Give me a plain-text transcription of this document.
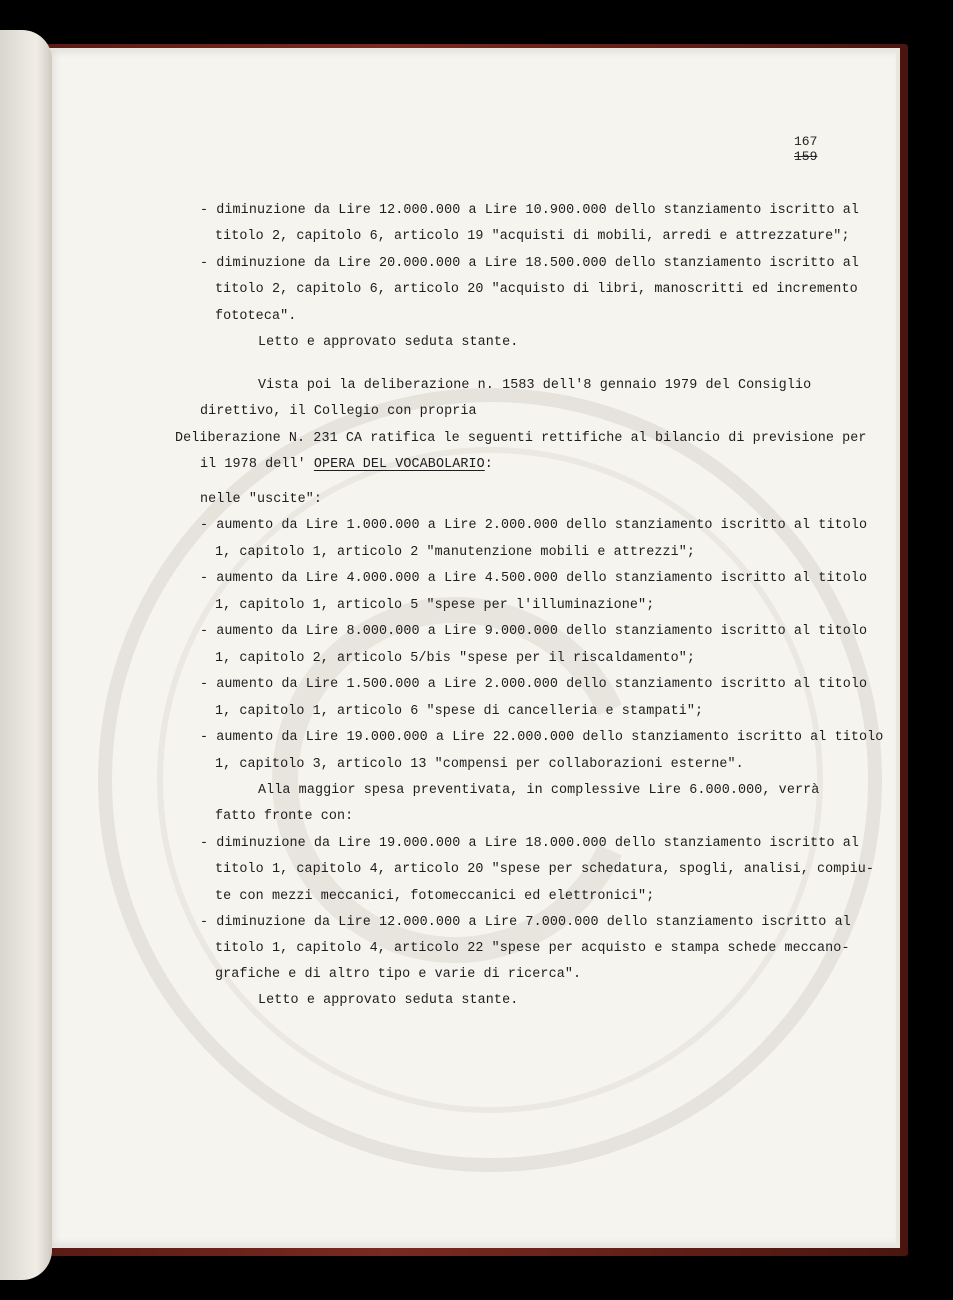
167
159
- diminuzione da Lire 12.000.000 a Lire 10.900.000 dello stanziamento iscritto al
titolo 2, capitolo 6, articolo 19 "acquisti di mobili, arredi e attrezzature";
- diminuzione da Lire 20.000.000 a Lire 18.500.000 dello stanziamento iscritto al
titolo 2, capitolo 6, articolo 20 "acquisto di libri, manoscritti ed incremento
fototeca".
Letto e approvato seduta stante.
Vista poi la deliberazione n. 1583 dell'8 gennaio 1979 del Consiglio
direttivo, il Collegio con propria
Deliberazione N. 231 CA ratifica le seguenti rettifiche al bilancio di previsione per
il 1978 dell' OPERA DEL VOCABOLARIO:
nelle "uscite":
- aumento da Lire 1.000.000 a Lire 2.000.000 dello stanziamento iscritto al titolo
1, capitolo 1, articolo 2 "manutenzione mobili e attrezzi";
- aumento da Lire 4.000.000 a Lire 4.500.000 dello stanziamento iscritto al titolo
1, capitolo 1, articolo 5 "spese per l'illuminazione";
- aumento da Lire 8.000.000 a Lire 9.000.000 dello stanziamento iscritto al titolo
1, capitolo 2, articolo 5/bis "spese per il riscaldamento";
- aumento da Lire 1.500.000 a Lire 2.000.000 dello stanziamento iscritto al titolo
1, capitolo 1, articolo 6 "spese di cancelleria e stampati";
- aumento da Lire 19.000.000 a Lire 22.000.000 dello stanziamento iscritto al titolo
1, capitolo 3, articolo 13 "compensi per collaborazioni esterne".
Alla maggior spesa preventivata, in complessive Lire 6.000.000, verrà
fatto fronte con:
- diminuzione da Lire 19.000.000 a Lire 18.000.000 dello stanziamento iscritto al
titolo 1, capitolo 4, articolo 20 "spese per schedatura, spogli, analisi, compiu-
te con mezzi meccanici, fotomeccanici ed elettronici";
- diminuzione da Lire 12.000.000 a Lire 7.000.000 dello stanziamento iscritto al
titolo 1, capitolo 4, articolo 22 "spese per acquisto e stampa schede meccano-
grafiche e di altro tipo e varie di ricerca".
Letto e approvato seduta stante.
